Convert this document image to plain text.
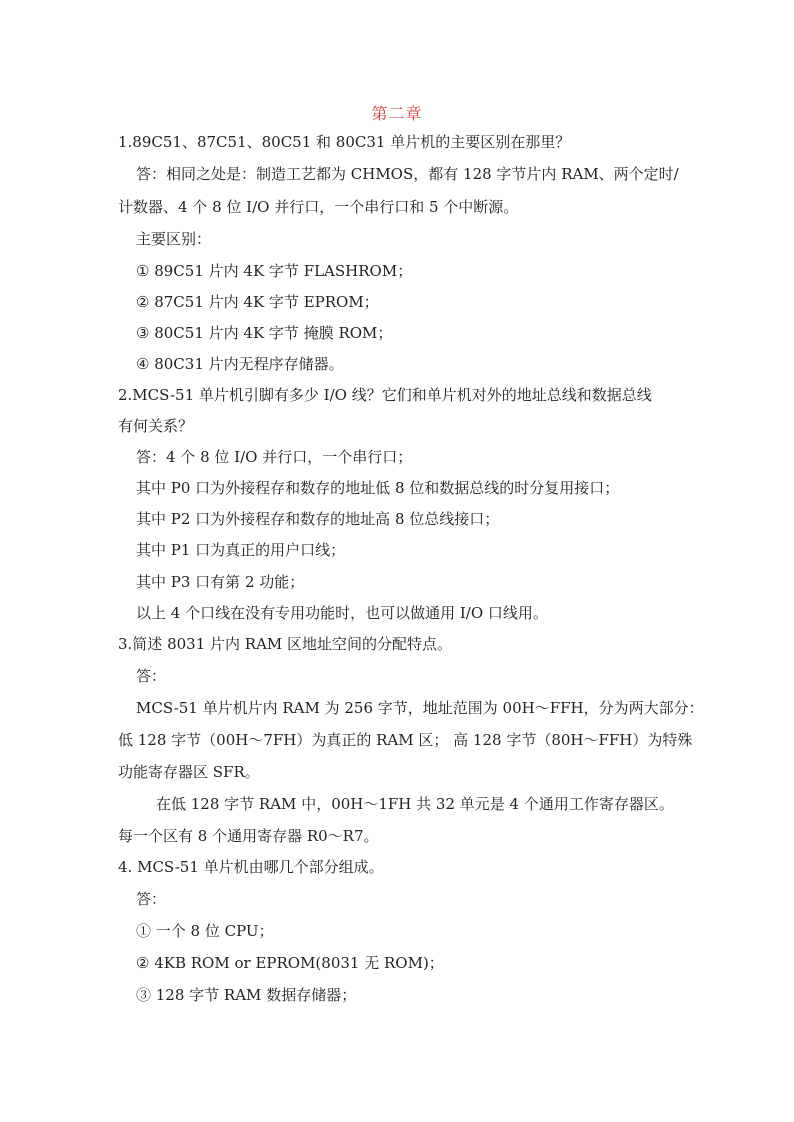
第二章
1.89C51、87C51、80C51 和 80C31 单片机的主要区别在那里？
答：相同之处是：制造工艺都为 CHMOS，都有 128 字节片内 RAM、两个定时/
计数器、4 个 8 位 I/O 并行口，一个串行口和 5 个中断源。
主要区别：
① 89C51 片内 4K 字节 FLASHROM；
② 87C51 片内 4K 字节 EPROM；
③ 80C51 片内 4K 字节 掩膜 ROM；
④ 80C31 片内无程序存储器。
2.MCS-51 单片机引脚有多少 I/O 线？它们和单片机对外的地址总线和数据总线
有何关系？
答：4 个 8 位 I/O 并行口，一个串行口；
其中 P0 口为外接程存和数存的地址低 8 位和数据总线的时分复用接口；
其中 P2 口为外接程存和数存的地址高 8 位总线接口；
其中 P1 口为真正的用户口线；
其中 P3 口有第 2 功能；
以上 4 个口线在没有专用功能时，也可以做通用 I/O 口线用。
3.简述 8031 片内 RAM 区地址空间的分配特点。
答：
MCS-51 单片机片内 RAM 为 256 字节，地址范围为 00H～FFH，分为两大部分：
低 128 字节（00H～7FH）为真正的 RAM 区； 高 128 字节（80H～FFH）为特殊
功能寄存器区 SFR。
在低 128 字节 RAM 中，00H～1FH 共 32 单元是 4 个通用工作寄存器区。
每一个区有 8 个通用寄存器 R0～R7。
4. MCS-51 单片机由哪几个部分组成。
答：
① 一个 8 位 CPU；
② 4KB ROM or EPROM(8031 无 ROM)；
③ 128 字节 RAM 数据存储器；
